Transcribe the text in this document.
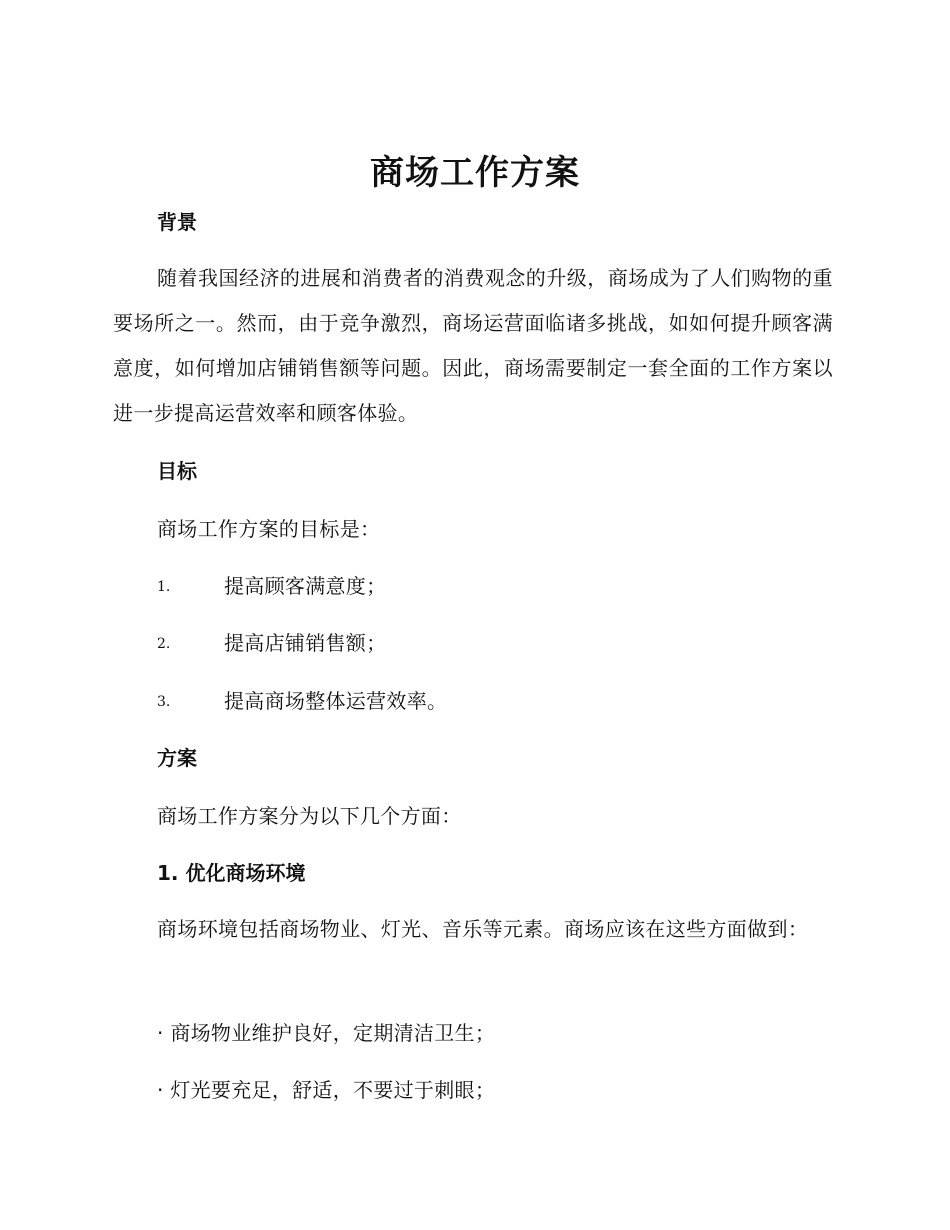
商场工作方案
背景
随着我国经济的进展和消费者的消费观念的升级，商场成为了人们购物的重要场所之一。然而，由于竞争激烈，商场运营面临诸多挑战，如如何提升顾客满意度，如何增加店铺销售额等问题。因此，商场需要制定一套全面的工作方案以进一步提高运营效率和顾客体验。
目标
商场工作方案的目标是：
1.	提高顾客满意度；
2.	提高店铺销售额；
3.	提高商场整体运营效率。
方案
商场工作方案分为以下几个方面：
1. 优化商场环境
商场环境包括商场物业、灯光、音乐等元素。商场应该在这些方面做到：
· 商场物业维护良好，定期清洁卫生；
· 灯光要充足，舒适，不要过于刺眼；
